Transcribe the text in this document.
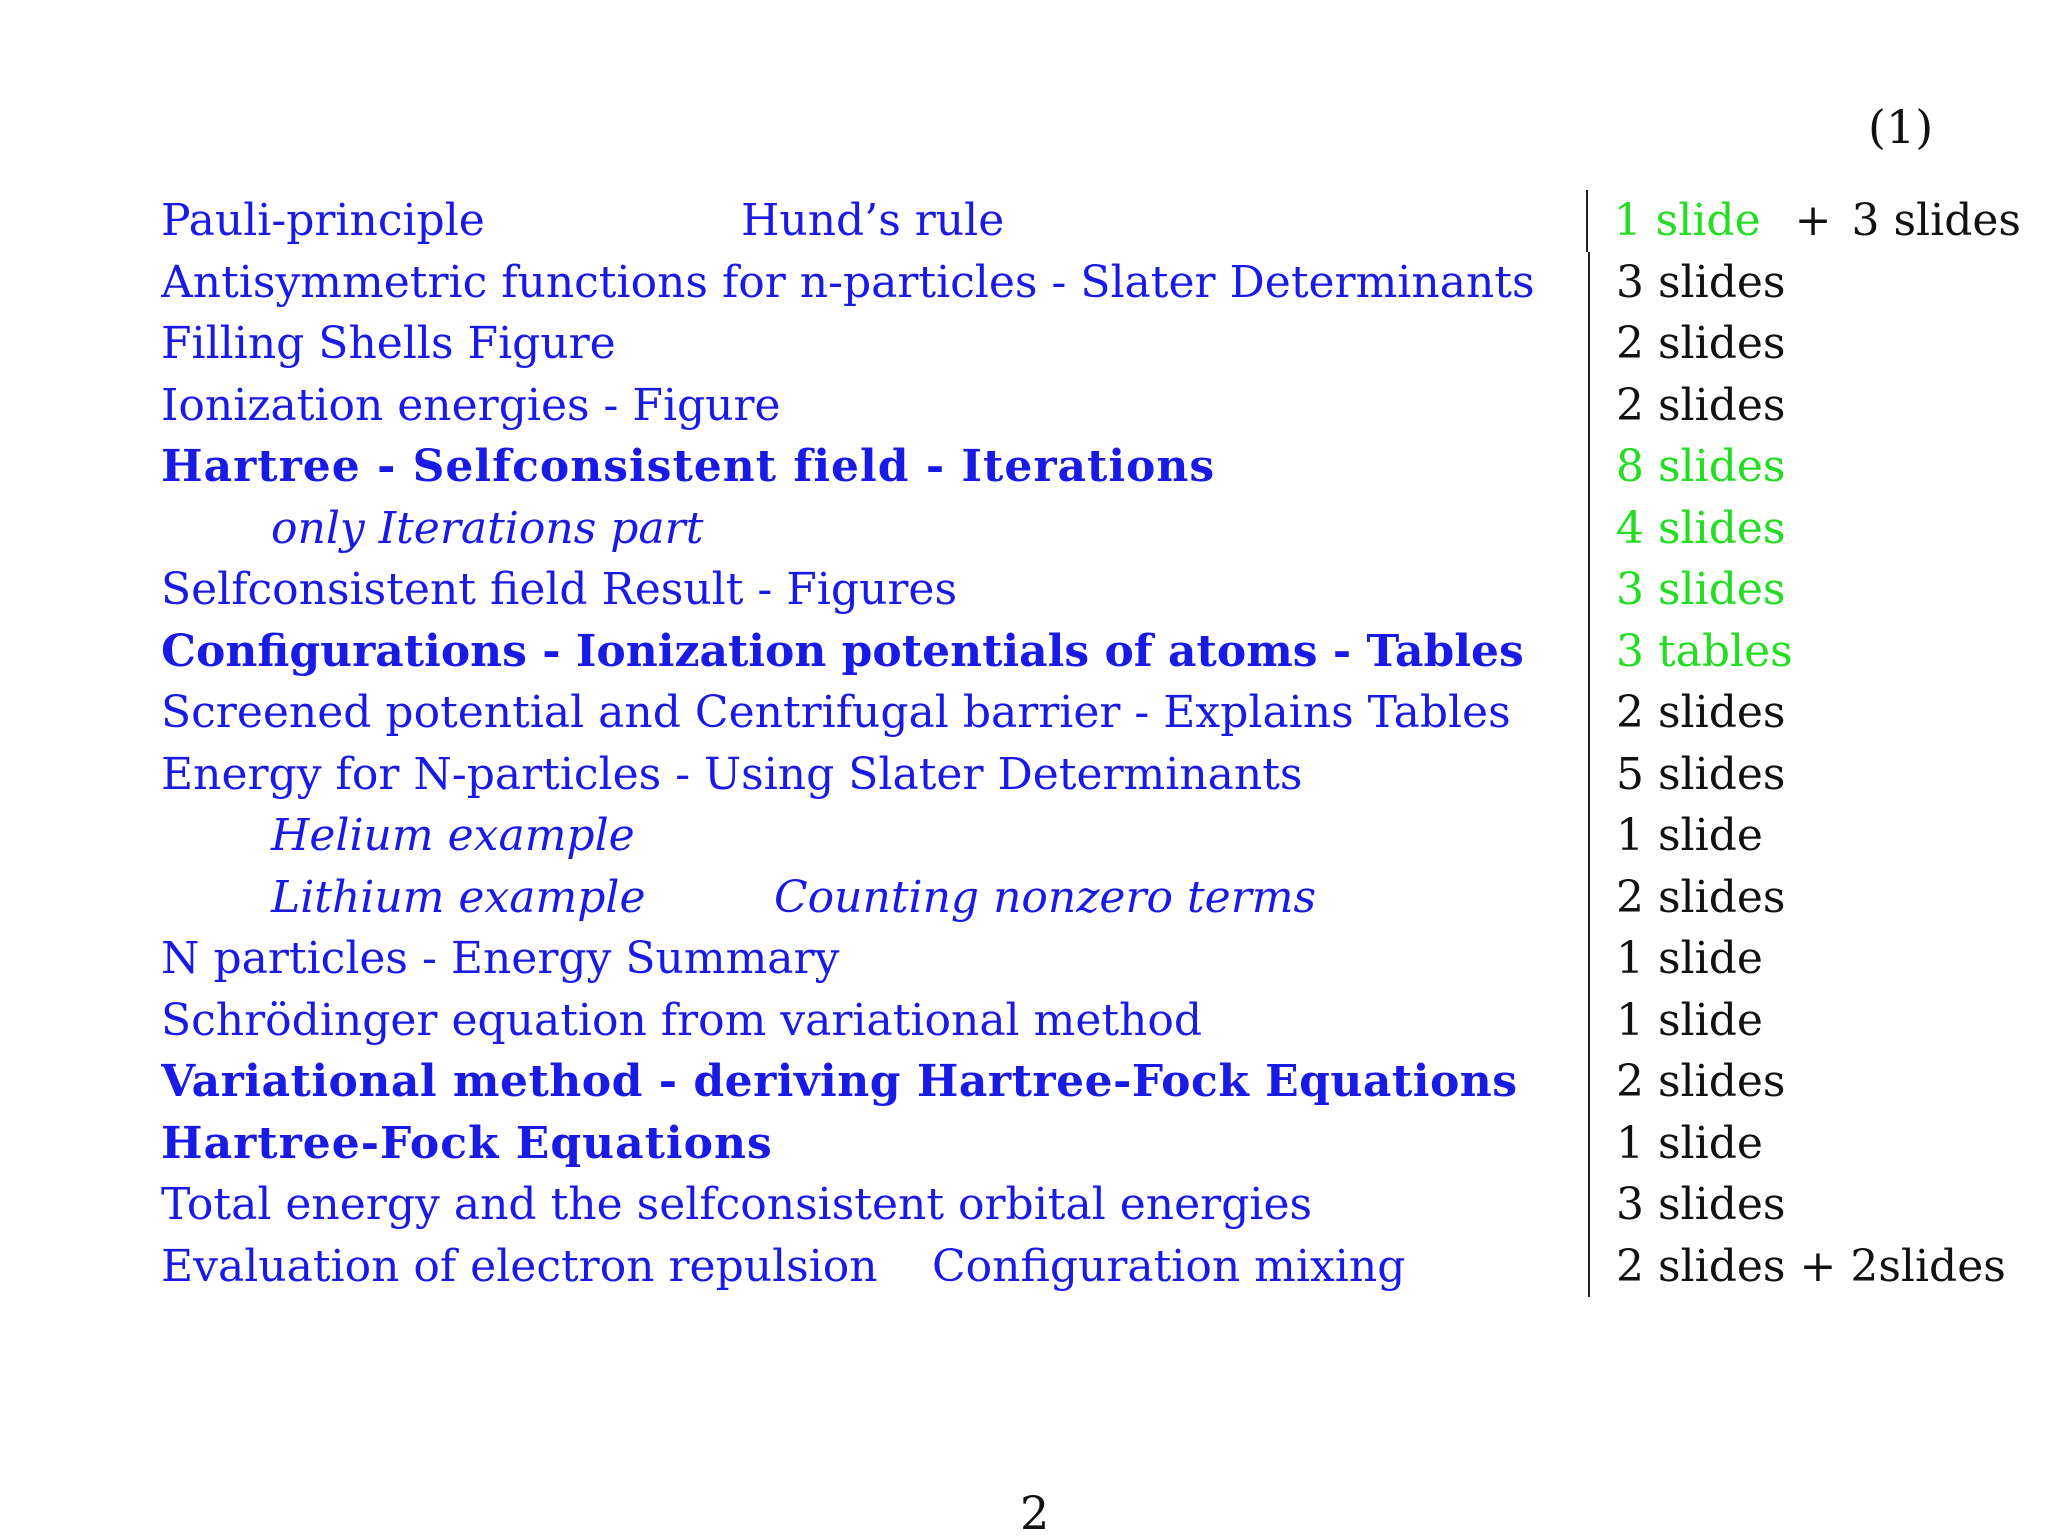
(1)
Pauli-principle	Hund’s rule	1 slide + 3 slides
Antisymmetric functions for n-particles - Slater Determinants	3 slides
Filling Shells Figure	2 slides
Ionization energies - Figure	2 slides
Hartree - Selfconsistent field - Iterations	8 slides
only Iterations part	4 slides
Selfconsistent field Result - Figures	3 slides
Configurations - Ionization potentials of atoms - Tables	3 tables
Screened potential and Centrifugal barrier - Explains Tables	2 slides
Energy for N-particles - Using Slater Determinants	5 slides
Helium example	1 slide
Lithium example	Counting nonzero terms	2 slides
N particles - Energy Summary	1 slide
Schrödinger equation from variational method	1 slide
Variational method - deriving Hartree-Fock Equations	2 slides
Hartree-Fock Equations	1 slide
Total energy and the selfconsistent orbital energies	3 slides
Evaluation of electron repulsion Configuration mixing	2 slides + 2slides
2
